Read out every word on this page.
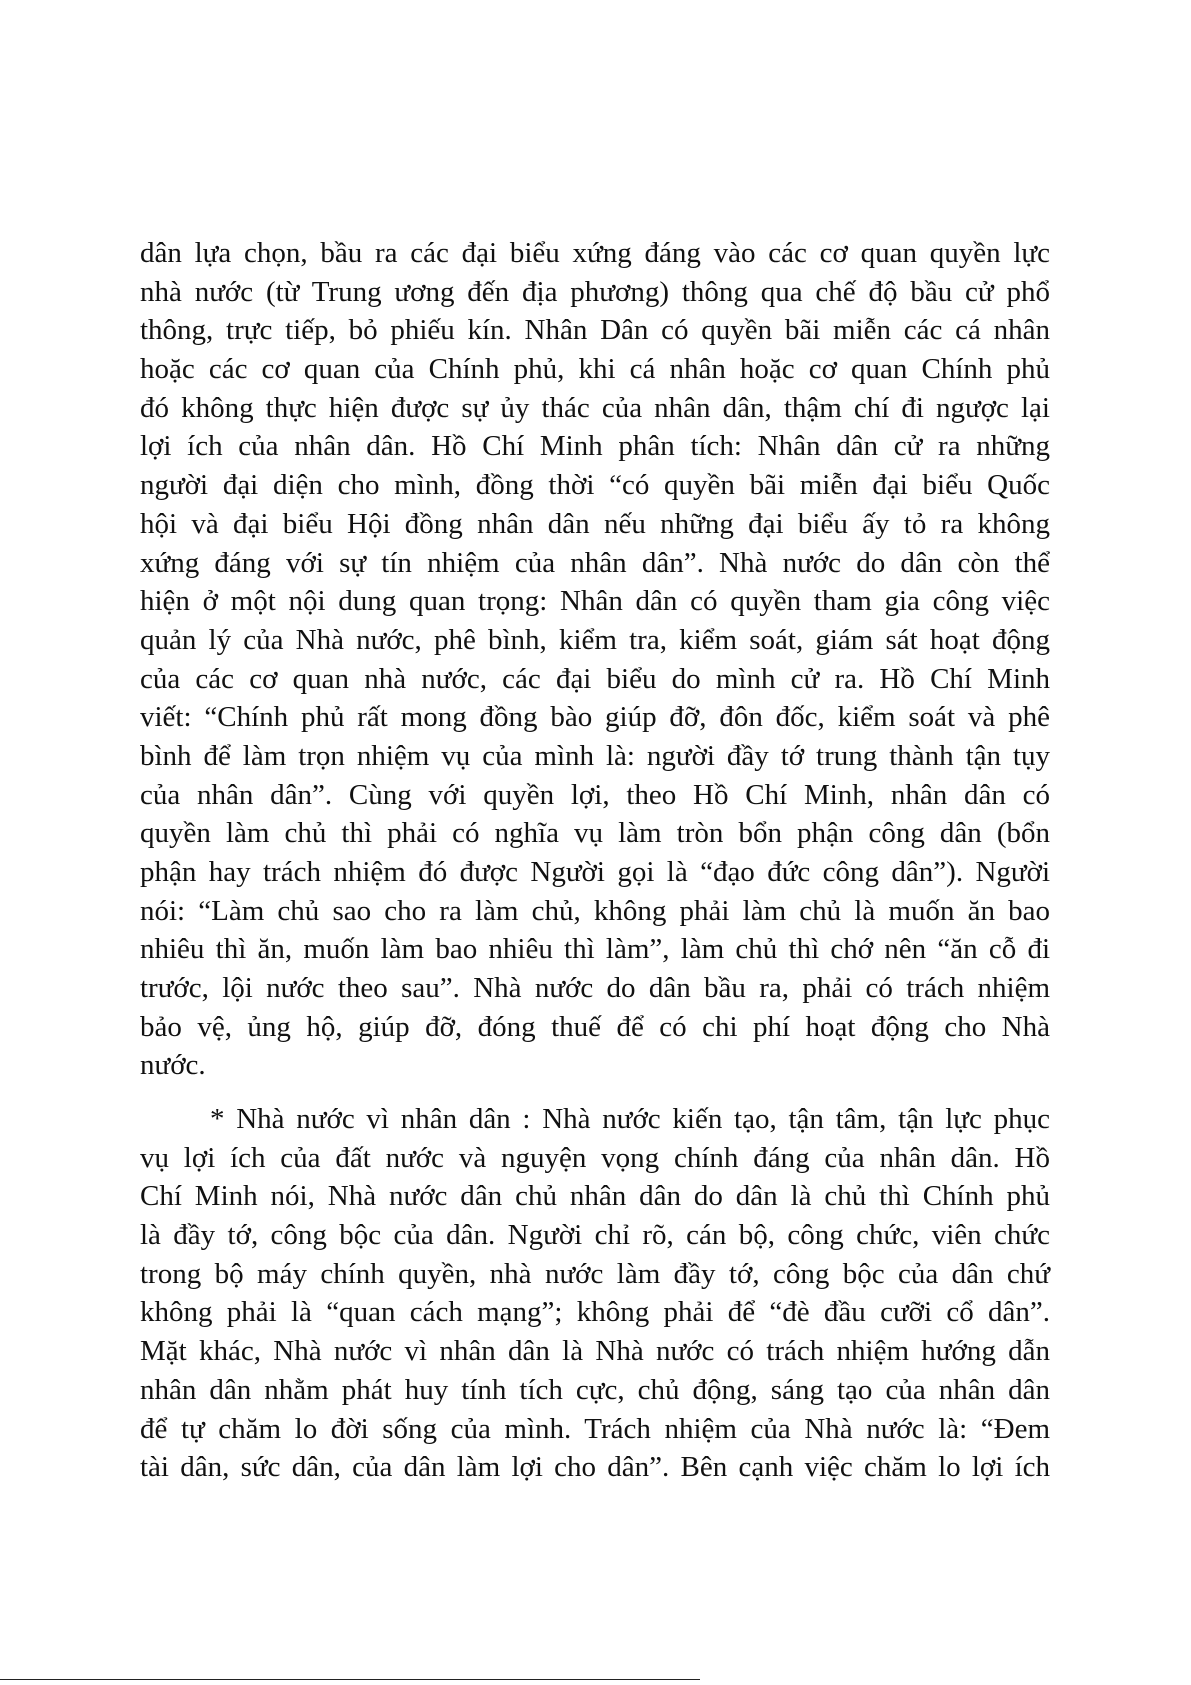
dân lựa chọn, bầu ra các đại biểu xứng đáng vào các cơ quan quyền lực
nhà nước (từ Trung ương đến địa phương) thông qua chế độ bầu cử phổ
thông, trực tiếp, bỏ phiếu kín. Nhân Dân có quyền bãi miễn các cá nhân
hoặc các cơ quan của Chính phủ, khi cá nhân hoặc cơ quan Chính phủ
đó không thực hiện được sự ủy thác của nhân dân, thậm chí đi ngược lại
lợi ích của nhân dân. Hồ Chí Minh phân tích: Nhân dân cử ra những
người đại diện cho mình, đồng thời “có quyền bãi miễn đại biểu Quốc
hội và đại biểu Hội đồng nhân dân nếu những đại biểu ấy tỏ ra không
xứng đáng với sự tín nhiệm của nhân dân”. Nhà nước do dân còn thể
hiện ở một nội dung quan trọng: Nhân dân có quyền tham gia công việc
quản lý của Nhà nước, phê bình, kiểm tra, kiểm soát, giám sát hoạt động
của các cơ quan nhà nước, các đại biểu do mình cử ra. Hồ Chí Minh
viết: “Chính phủ rất mong đồng bào giúp đỡ, đôn đốc, kiểm soát và phê
bình để làm trọn nhiệm vụ của mình là: người đầy tớ trung thành tận tụy
của nhân dân”. Cùng với quyền lợi, theo Hồ Chí Minh, nhân dân có
quyền làm chủ thì phải có nghĩa vụ làm tròn bổn phận công dân (bổn
phận hay trách nhiệm đó được Người gọi là “đạo đức công dân”). Người
nói: “Làm chủ sao cho ra làm chủ, không phải làm chủ là muốn ăn bao
nhiêu thì ăn, muốn làm bao nhiêu thì làm”, làm chủ thì chớ nên “ăn cỗ đi
trước, lội nước theo sau”. Nhà nước do dân bầu ra, phải có trách nhiệm
bảo vệ, ủng hộ, giúp đỡ, đóng thuế để có chi phí hoạt động cho Nhà
nước.
* Nhà nước vì nhân dân : Nhà nước kiến tạo, tận tâm, tận lực phục
vụ lợi ích của đất nước và nguyện vọng chính đáng của nhân dân. Hồ
Chí Minh nói, Nhà nước dân chủ nhân dân do dân là chủ thì Chính phủ
là đầy tớ, công bộc của dân. Người chỉ rõ, cán bộ, công chức, viên chức
trong bộ máy chính quyền, nhà nước làm đầy tớ, công bộc của dân chứ
không phải là “quan cách mạng”; không phải để “đè đầu cưỡi cổ dân”.
Mặt khác, Nhà nước vì nhân dân là Nhà nước có trách nhiệm hướng dẫn
nhân dân nhằm phát huy tính tích cực, chủ động, sáng tạo của nhân dân
để tự chăm lo đời sống của mình. Trách nhiệm của Nhà nước là: “Đem
tài dân, sức dân, của dân làm lợi cho dân”. Bên cạnh việc chăm lo lợi ích
